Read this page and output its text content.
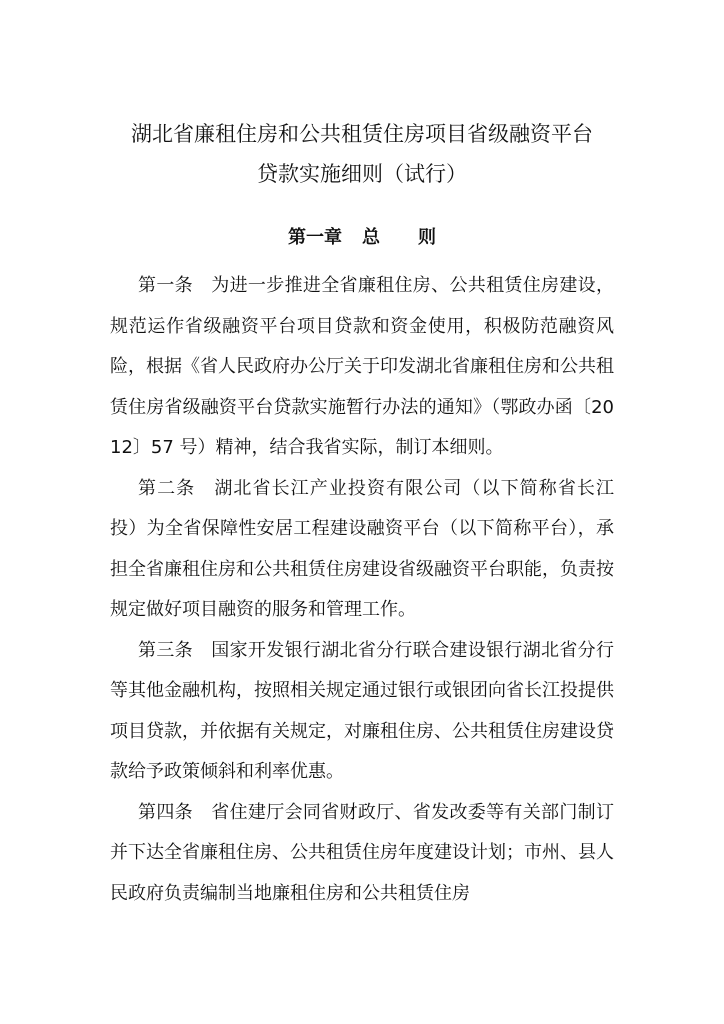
湖北省廉租住房和公共租赁住房项目省级融资平台
贷款实施细则（试行）
第一章 总 则

第一条 为进一步推进全省廉租住房、公共租赁住房建设，规范运作省级融资平台项目贷款和资金使用，积极防范融资风险，根据《省人民政府办公厅关于印发湖北省廉租住房和公共租赁住房省级融资平台贷款实施暂行办法的通知》（鄂政办函〔2012〕57 号）精神，结合我省实际，制订本细则。

第二条 湖北省长江产业投资有限公司（以下简称省长江投）为全省保障性安居工程建设融资平台（以下简称平台），承担全省廉租住房和公共租赁住房建设省级融资平台职能，负责按规定做好项目融资的服务和管理工作。

第三条 国家开发银行湖北省分行联合建设银行湖北省分行等其他金融机构，按照相关规定通过银行或银团向省长江投提供项目贷款，并依据有关规定，对廉租住房、公共租赁住房建设贷款给予政策倾斜和利率优惠。

第四条 省住建厅会同省财政厅、省发改委等有关部门制订并下达全省廉租住房、公共租赁住房年度建设计划；市州、县人民政府负责编制当地廉租住房和公共租赁住房
